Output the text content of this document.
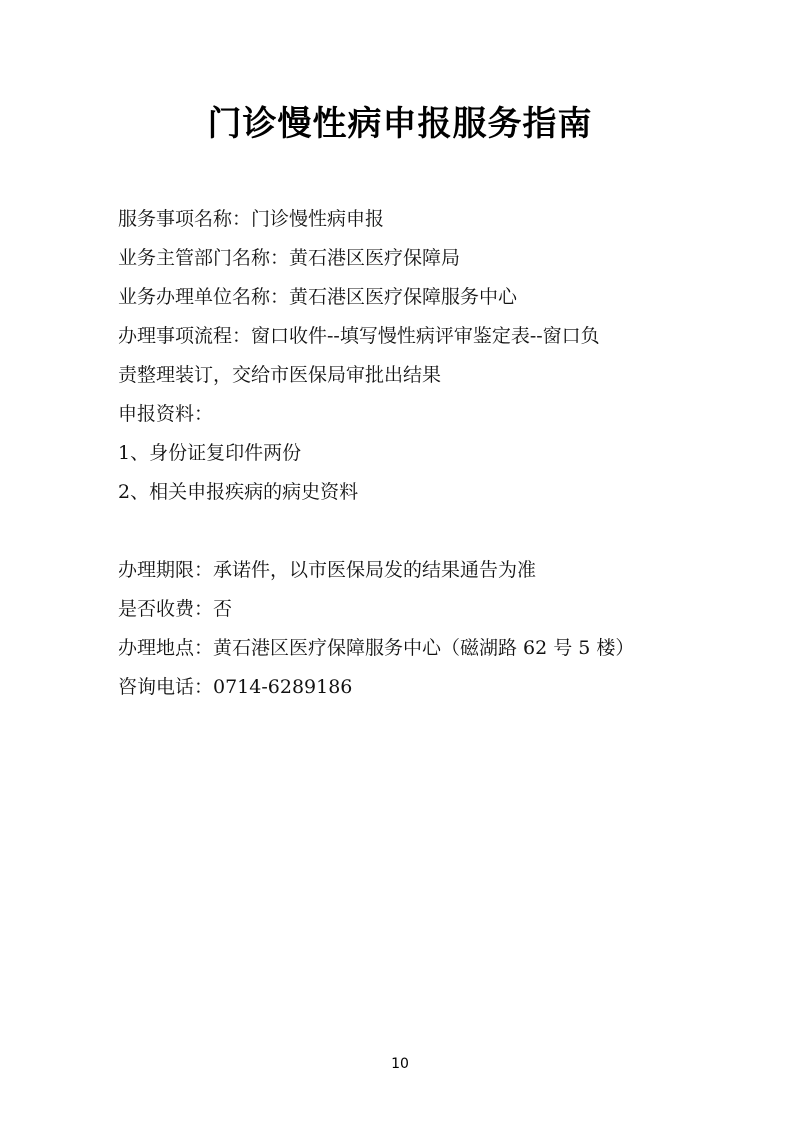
门诊慢性病申报服务指南
服务事项名称：门诊慢性病申报
业务主管部门名称：黄石港区医疗保障局
业务办理单位名称：黄石港区医疗保障服务中心
办理事项流程：窗口收件--填写慢性病评审鉴定表--窗口负
责整理装订，交给市医保局审批出结果
申报资料：
1、身份证复印件两份
2、相关申报疾病的病史资料
办理期限：承诺件，以市医保局发的结果通告为准
是否收费：否
办理地点：黄石港区医疗保障服务中心（磁湖路 62 号 5 楼）
咨询电话：0714-6289186
10
